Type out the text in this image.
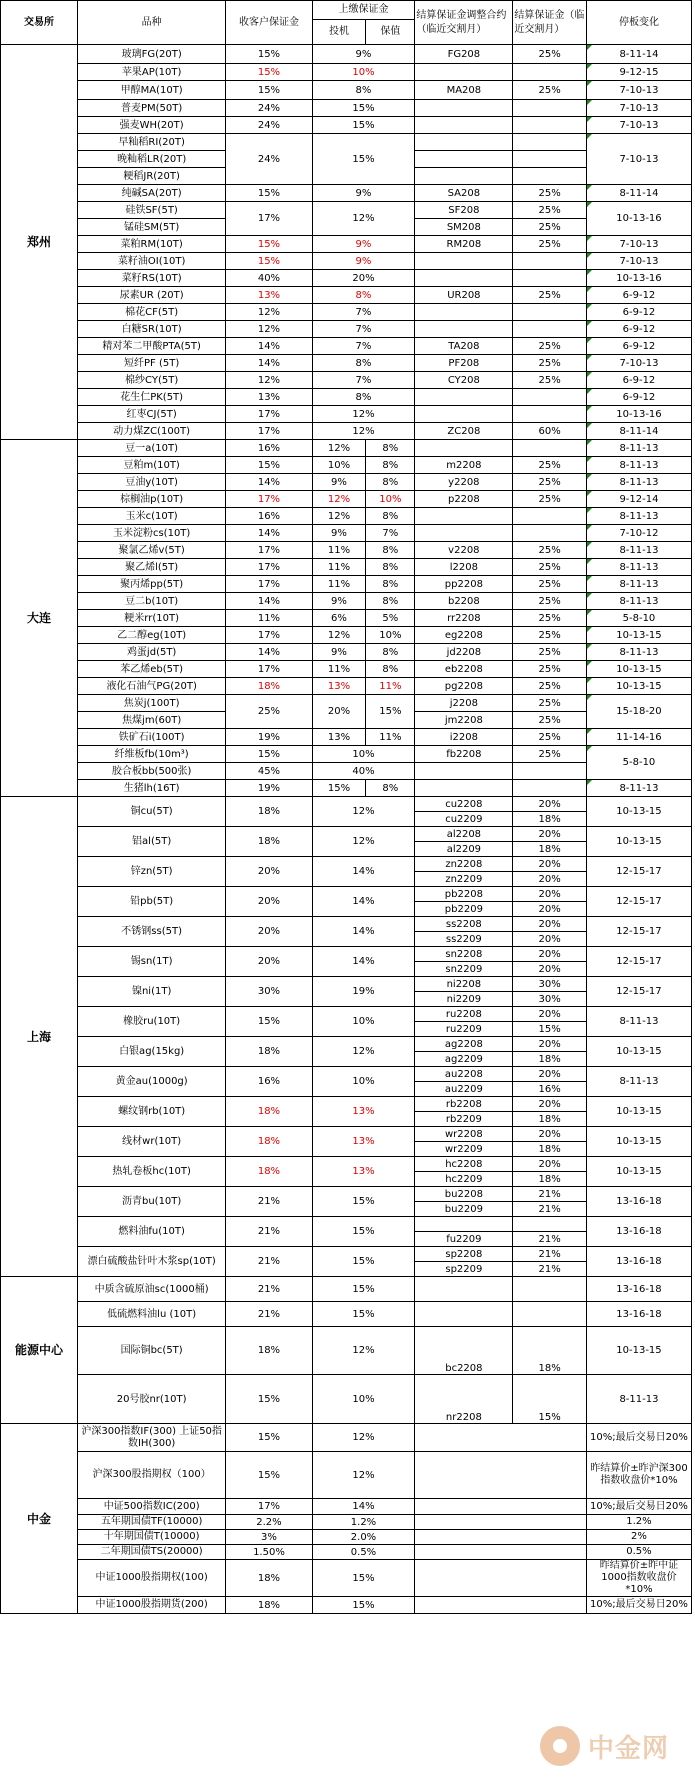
交易所	品种	收客户保证金	上缴保证金		结算保证金调整合约（临近交割月）	结算保证金（临近交割月）	停板变化
			投机	保值			
郑州	玻璃FG(20T)	15%	9%		FG208	25%	8-11-14
	苹果AP(10T)	15%	10%				9-12-15
	甲醇MA(10T)	15%	8%		MA208	25%	7-10-13
	普麦PM(50T)	24%	15%				7-10-13
	强麦WH(20T)	24%	15%				7-10-13
	早籼稻RI(20T)	24%	15%				7-10-13
	晚籼稻LR(20T)						
	粳稻JR(20T)						
	纯碱SA(20T)	15%	9%		SA208	25%	8-11-14
	硅铁SF(5T)	17%	12%		SF208	25%	10-13-16
	锰硅SM(5T)				SM208	25%	
	菜粕RM(10T)	15%	9%		RM208	25%	7-10-13
	菜籽油OI(10T)	15%	9%				7-10-13
	菜籽RS(10T)	40%	20%				10-13-16
	尿素UR (20T)	13%	8%		UR208	25%	6-9-12
	棉花CF(5T)	12%	7%				6-9-12
	白糖SR(10T)	12%	7%				6-9-12
	精对苯二甲酸PTA(5T)	14%	7%		TA208	25%	6-9-12
	短纤PF (5T)	14%	8%		PF208	25%	7-10-13
	棉纱CY(5T)	12%	7%		CY208	25%	6-9-12
	花生仁PK(5T)	13%	8%				6-9-12
	红枣CJ(5T)	17%	12%				10-13-16
	动力煤ZC(100T)	17%	12%		ZC208	60%	8-11-14
大连	豆一a(10T)	16%	12%	8%			8-11-13
	豆粕m(10T)	15%	10%	8%	m2208	25%	8-11-13
	豆油y(10T)	14%	9%	8%	y2208	25%	8-11-13
	棕榈油p(10T)	17%	12%	10%	p2208	25%	9-12-14
	玉米c(10T)	16%	12%	8%			8-11-13
	玉米淀粉cs(10T)	14%	9%	7%			7-10-12
	聚氯乙烯v(5T)	17%	11%	8%	v2208	25%	8-11-13
	聚乙烯l(5T)	17%	11%	8%	l2208	25%	8-11-13
	聚丙烯pp(5T)	17%	11%	8%	pp2208	25%	8-11-13
	豆二b(10T)	14%	9%	8%	b2208	25%	8-11-13
	粳米rr(10T)	11%	6%	5%	rr2208	25%	5-8-10
	乙二醇eg(10T)	17%	12%	10%	eg2208	25%	10-13-15
	鸡蛋jd(5T)	14%	9%	8%	jd2208	25%	8-11-13
	苯乙烯eb(5T)	17%	11%	8%	eb2208	25%	10-13-15
	液化石油气PG(20T)	18%	13%	11%	pg2208	25%	10-13-15
	焦炭j(100T)	25%	20%	15%	j2208	25%	15-18-20
	焦煤jm(60T)				jm2208	25%	
	铁矿石i(100T)	19%	13%	11%	i2208	25%	11-14-16
	纤维板fb(10m³)	15%	10%		fb2208	25%	5-8-10
	胶合板bb(500张)	45%	40%				
	生猪lh(16T)	19%	15%	8%			8-11-13
上海	铜cu(5T)	18%	12%		cu2208	20%	10-13-15
					cu2209	18%	
	铝al(5T)	18%	12%		al2208	20%	10-13-15
					al2209	18%	
	锌zn(5T)	20%	14%		zn2208	20%	12-15-17
					zn2209	20%	
	铅pb(5T)	20%	14%		pb2208	20%	12-15-17
					pb2209	20%	
	不锈钢ss(5T)	20%	14%		ss2208	20%	12-15-17
					ss2209	20%	
	锡sn(1T)	20%	14%		sn2208	20%	12-15-17
					sn2209	20%	
	镍ni(1T)	30%	19%		ni2208	30%	12-15-17
					ni2209	30%	
	橡胶ru(10T)	15%	10%		ru2208	20%	8-11-13
					ru2209	15%	
	白银ag(15kg)	18%	12%		ag2208	20%	10-13-15
					ag2209	18%	
	黄金au(1000g)	16%	10%		au2208	20%	8-11-13
					au2209	16%	
	螺纹钢rb(10T)	18%	13%		rb2208	20%	10-13-15
					rb2209	18%	
	线材wr(10T)	18%	13%		wr2208	20%	10-13-15
					wr2209	18%	
	热轧卷板hc(10T)	18%	13%		hc2208	20%	10-13-15
					hc2209	18%	
	沥青bu(10T)	21%	15%		bu2208	21%	13-16-18
					bu2209	21%	
	燃料油fu(10T)	21%	15%				13-16-18
					fu2209	21%	
	漂白硫酸盐针叶木浆sp(10T)	21%	15%		sp2208	21%	13-16-18
					sp2209	21%	
能源中心	中质含硫原油sc(1000桶)	21%	15%				13-16-18
	低硫燃料油lu (10T)	21%	15%				13-16-18
	国际铜bc(5T)	18%	12%		bc2208	18%	10-13-15
	20号胶nr(10T)	15%	10%		nr2208	15%	8-11-13
中金	沪深300指数IF(300) 上证50指数IH(300)	15%	12%				10%;最后交易日20%
	沪深300股指期权（100）	15%	12%				昨结算价±昨沪深300指数收盘价*10%
	中证500指数IC(200)	17%	14%				10%;最后交易日20%
	五年期国债TF(10000)	2.2%	1.2%				1.2%
	十年期国债T(10000)	3%	2.0%				2%
	二年期国债TS(20000)	1.50%	0.5%				0.5%
	中证1000股指期权(100)	18%	15%				昨结算价±昨中证1000指数收盘价*10%
	中证1000股指期货(200)	18%	15%				10%;最后交易日20%
中金网
